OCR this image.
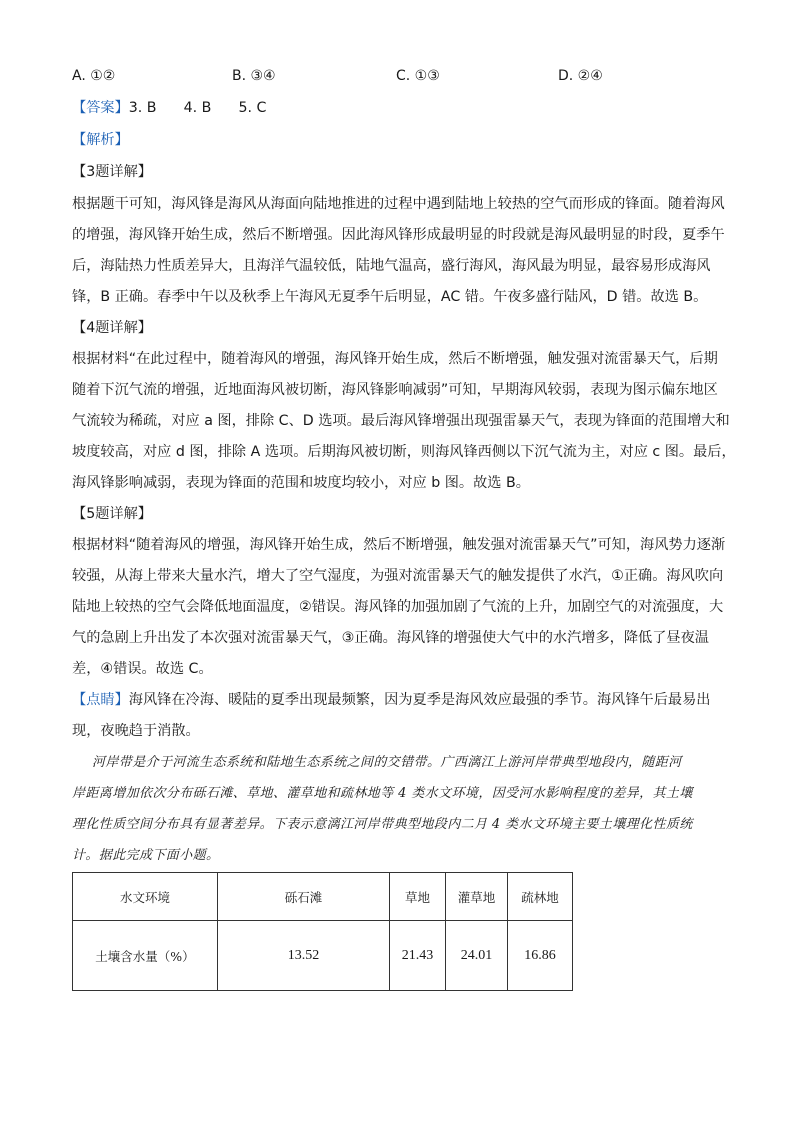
A. ①②	B. ③④	C. ①③	D. ②④
【答案】3. B      4. B      5. C
【解析】
【3题详解】
根据题干可知，海风锋是海风从海面向陆地推进的过程中遇到陆地上较热的空气而形成的锋面。随着海风
的增强，海风锋开始生成，然后不断增强。因此海风锋形成最明显的时段就是海风最明显的时段，夏季午
后，海陆热力性质差异大，且海洋气温较低，陆地气温高，盛行海风，海风最为明显，最容易形成海风
锋，B 正确。春季中午以及秋季上午海风无夏季午后明显，AC 错。午夜多盛行陆风，D 错。故选 B。
【4题详解】
根据材料“在此过程中，随着海风的增强，海风锋开始生成，然后不断增强，触发强对流雷暴天气，后期
随着下沉气流的增强，近地面海风被切断，海风锋影响减弱”可知，早期海风较弱，表现为图示偏东地区
气流较为稀疏，对应 a 图，排除 C、D 选项。最后海风锋增强出现强雷暴天气，表现为锋面的范围增大和
坡度较高，对应 d 图，排除 A 选项。后期海风被切断，则海风锋西侧以下沉气流为主，对应 c 图。最后，
海风锋影响减弱，表现为锋面的范围和坡度均较小，对应 b 图。故选 B。
【5题详解】
根据材料“随着海风的增强，海风锋开始生成，然后不断增强，触发强对流雷暴天气”可知，海风势力逐渐
较强，从海上带来大量水汽，增大了空气湿度，为强对流雷暴天气的触发提供了水汽，①正确。海风吹向
陆地上较热的空气会降低地面温度，②错误。海风锋的加强加剧了气流的上升，加剧空气的对流强度，大
气的急剧上升出发了本次强对流雷暴天气，③正确。海风锋的增强使大气中的水汽增多，降低了昼夜温
差，④错误。故选 C。
【点睛】海风锋在冷海、暖陆的夏季出现最频繁，因为夏季是海风效应最强的季节。海风锋午后最易出
现，夜晚趋于消散。
河岸带是介于河流生态系统和陆地生态系统之间的交错带。广西漓江上游河岸带典型地段内，随距河
岸距离增加依次分布砾石滩、草地、灌草地和疏林地等 4 类水文环境，因受河水影响程度的差异，其土壤
理化性质空间分布具有显著差异。下表示意漓江河岸带典型地段内二月 4 类水文环境主要土壤理化性质统
计。据此完成下面小题。
水文环境	砾石滩	草地	灌草地	疏林地
土壤含水量（%）	13.52	21.43	24.01	16.86
